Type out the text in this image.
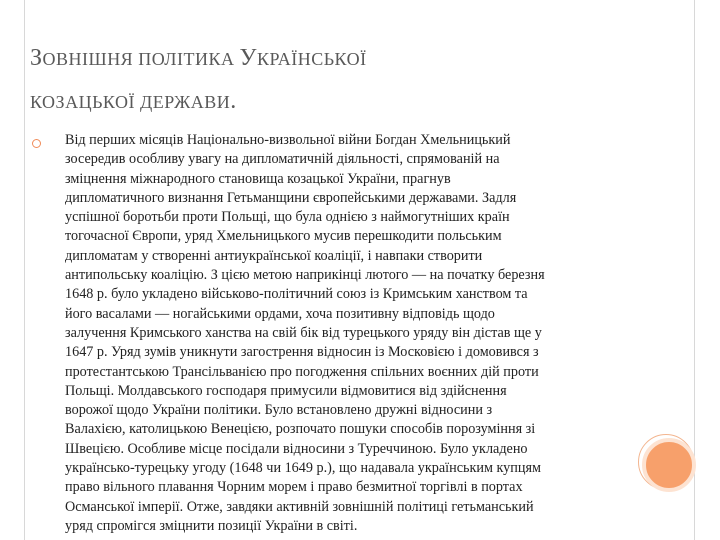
ЗОВНІШНЯ ПОЛІТИКА УКРАЇНСЬКОЇ
КОЗАЦЬКОЇ ДЕРЖАВИ.

Від перших місяців Національно-визвольної війни Богдан Хмельницький
зосередив особливу увагу на дипломатичній діяльності, спрямованій на
зміцнення міжнародного становища козацької України, прагнув
дипломатичного визнання Гетьманщини європейськими державами. Задля
успішної боротьби проти Польщі, що була однією з наймогутніших країн
тогочасної Європи, уряд Хмельницького мусив перешкодити польським
дипломатам у створенні антиукраїнської коаліції, і навпаки створити
антипольську коаліцію. З цією метою наприкінці лютого — на початку березня
1648 р. було укладено військово-політичний союз із Кримським ханством та
його васалами — ногайськими ордами, хоча позитивну відповідь щодо
залучення Кримського ханства на свій бік від турецького уряду він дістав ще у
1647 р. Уряд зумів уникнути загострення відносин із Московією і домовився з
протестантською Трансільванією про погодження спільних воєнних дій проти
Польщі. Молдавського господаря примусили відмовитися від здійснення
ворожої щодо України політики. Було встановлено дружні відносини з
Валахією, католицькою Венецією, розпочато пошуки способів порозуміння зі
Швецією. Особливе місце посідали відносини з Туреччиною. Було укладено
українсько-турецьку угоду (1648 чи 1649 р.), що надавала українським купцям
право вільного плавання Чорним морем і право безмитної торгівлі в портах
Османської імперії. Отже, завдяки активній зовнішній політиці гетьманський
уряд спромігся зміцнити позиції України в світі.
